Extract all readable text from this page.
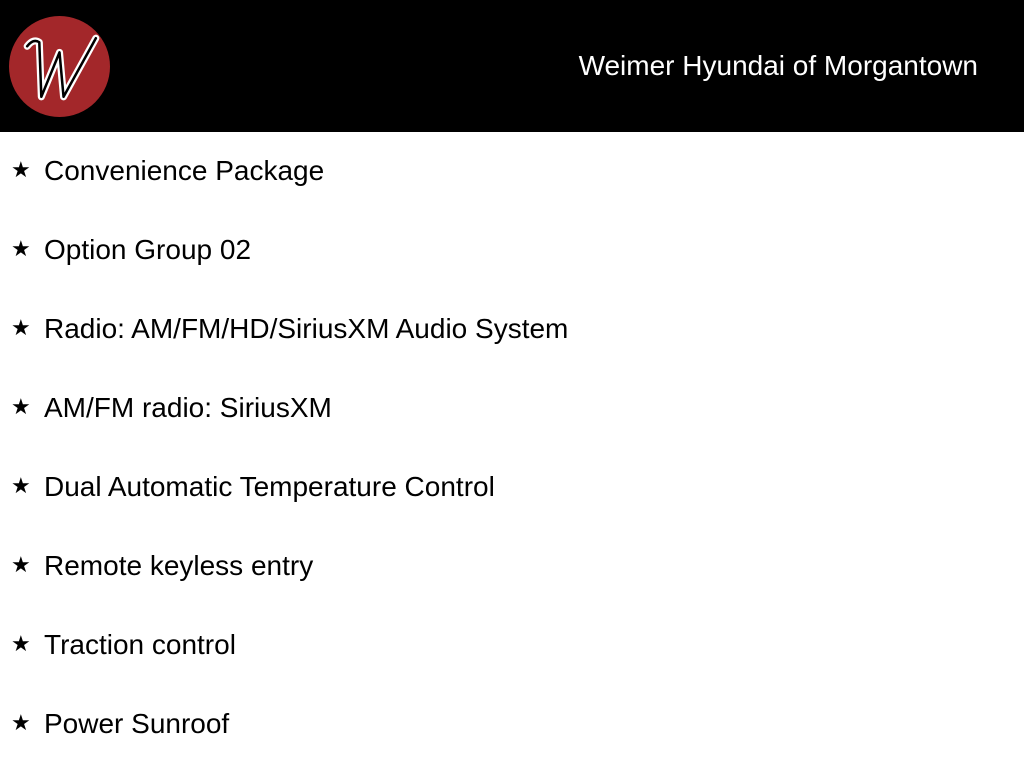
Weimer Hyundai of Morgantown
★ Convenience Package
★ Option Group 02
★ Radio: AM/FM/HD/SiriusXM Audio System
★ AM/FM radio: SiriusXM
★ Dual Automatic Temperature Control
★ Remote keyless entry
★ Traction control
★ Power Sunroof
